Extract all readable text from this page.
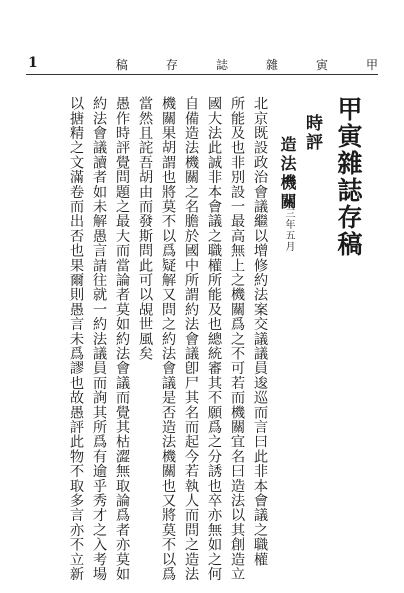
1	稿	存	誌	雜	寅	甲
甲寅雜誌存稿
時評
造法機關
三年五月
北京既設政治會議繼以增修約法案交議議員逡巡而言曰此非本會議之職權
所能及也非別設一最高無上之機關爲之不可若而機關宜名曰造法以其創造立
國大法此誠非本會議之職權所能及也總統審其不願爲之分誘也卒亦無如之何
自備造法機關之名膽於國中所謂約法會議卽尸其名而起今若執人而問之造法
機關果胡謂也將莫不以爲疑解又問之約法會議是否造法機關也又將莫不以爲
當然且詫吾胡由而發斯問此可以覘世風矣
愚作時評覺問題之最大而當論者莫如約法會議而覺其枯澀無取論爲者亦莫如
約法會議讀者如未解愚言請往就一約法議員而詢其所爲有逾乎秀才之入考場
以搪精之文滿卷而出否也果爾則愚言未爲謬也故愚評此物不取多言亦不立新
